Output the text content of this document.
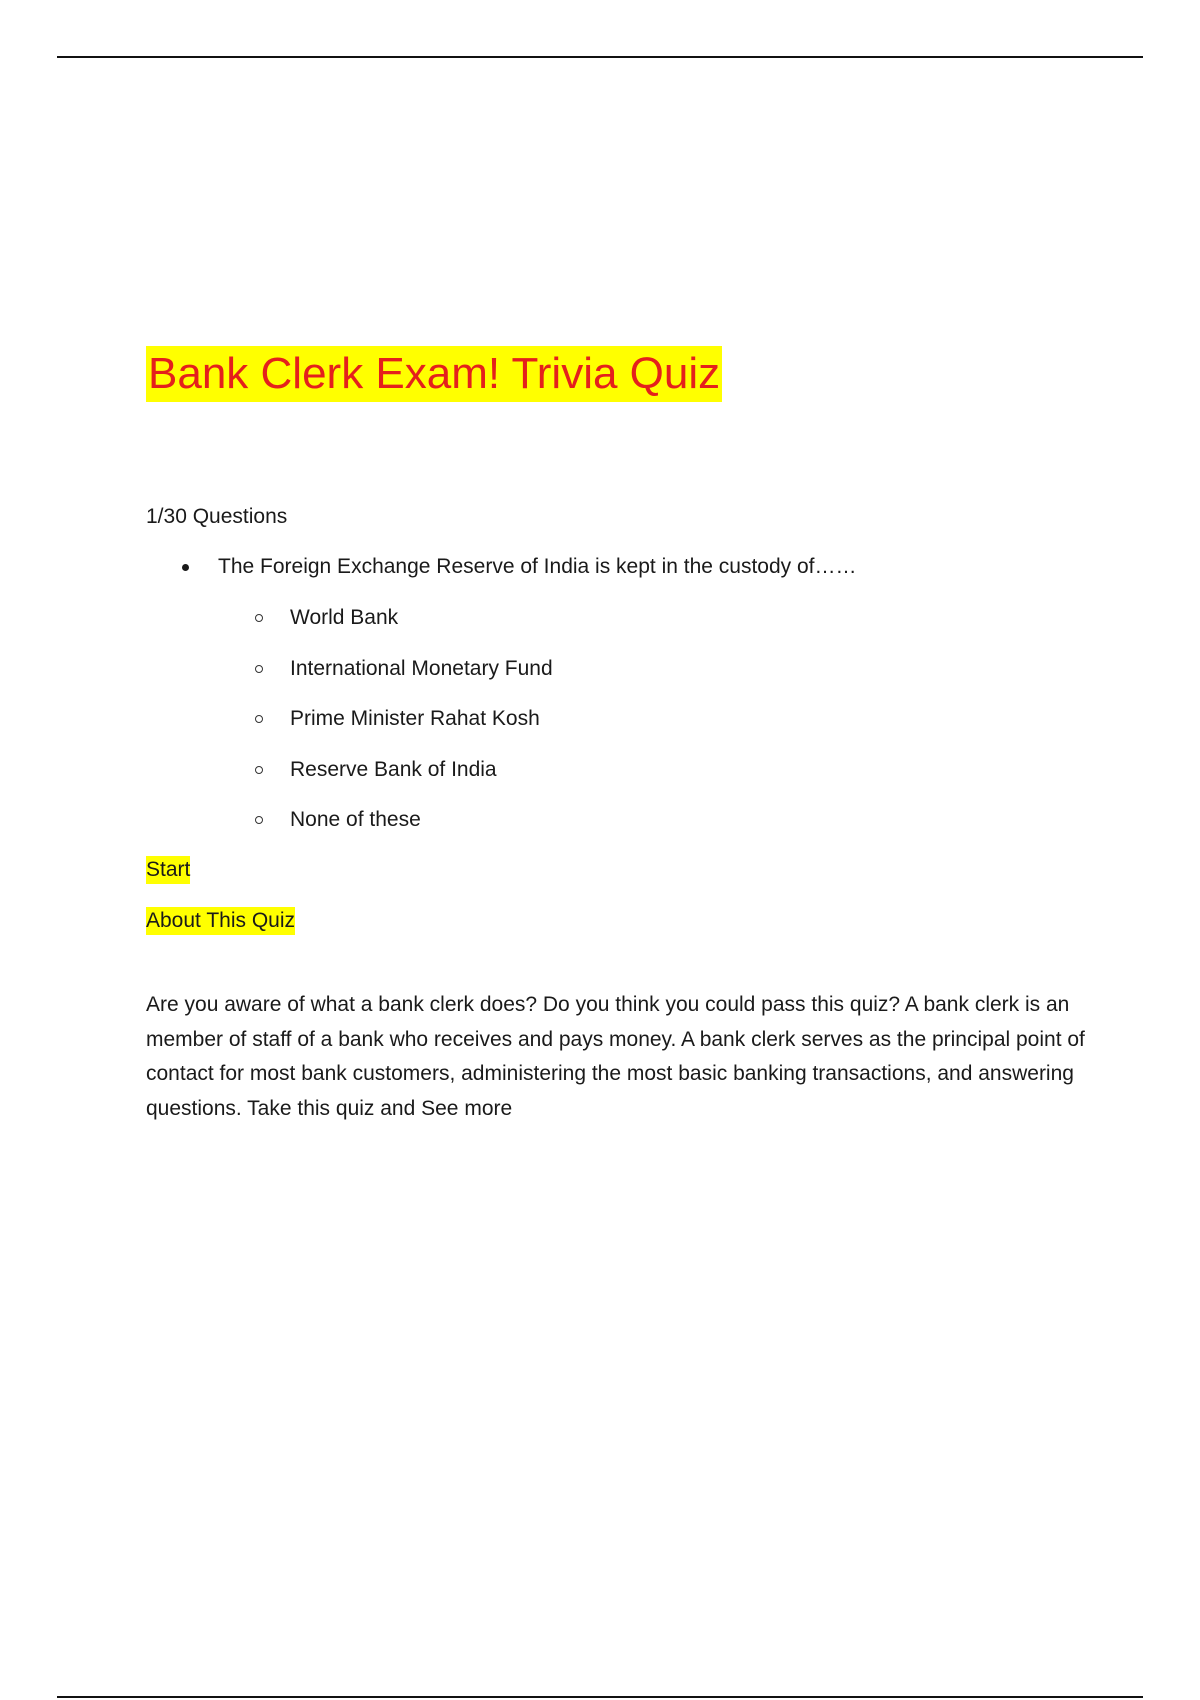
Bank Clerk Exam! Trivia Quiz
1/30 Questions
The Foreign Exchange Reserve of India is kept in the custody of……
World Bank
International Monetary Fund
Prime Minister Rahat Kosh
Reserve Bank of India
None of these
Start
About This Quiz

Are you aware of what a bank clerk does? Do you think you could pass this quiz? A bank clerk is an member of staff of a bank who receives and pays money. A bank clerk serves as the principal point of contact for most bank customers, administering the most basic banking transactions, and answering questions. Take this quiz and See more
